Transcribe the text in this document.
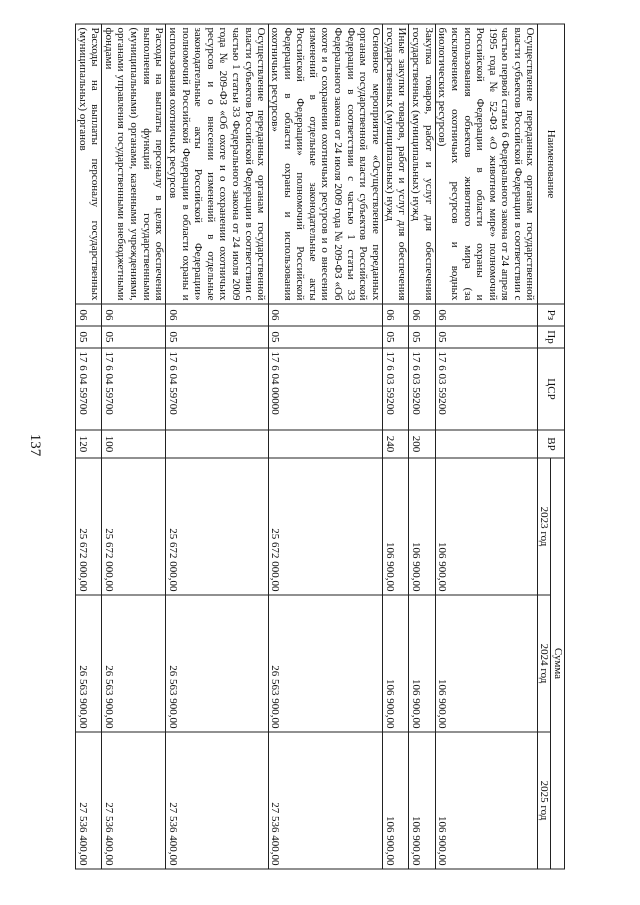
137
Наименование	Рз	Пр	ЦСР	ВР	Сумма		
					2023 год	2024 год	2025 год
Осуществление переданных органам государственной власти субъектов Российской Федерации в соответствии с частью первой статьи 6 Федерального закона от 24 апреля 1995 года № 52-ФЗ «О животном мире» полномочий Российской Федерации в области охраны и использования объектов животного мира (за исключением охотничьих ресурсов и водных биологических ресурсов)	06	05	17 6 03 59200		106 900,00	106 900,00	106 900,00
Закупка товаров, работ и услуг для обеспечения государственных (муниципальных) нужд	06	05	17 6 03 59200	200	106 900,00	106 900,00	106 900,00
Иные закупки товаров, работ и услуг для обеспечения государственных (муниципальных) нужд	06	05	17 6 03 59200	240	106 900,00	106 900,00	106 900,00
Основное мероприятие «Осуществление переданных органам государственной власти субъектов Российской Федерации в соответствии с частью 1 статьи 33 Федерального закона от 24 июля 2009 года № 209-ФЗ «Об охоте и о сохранении охотничьих ресурсов и о внесении изменений в отдельные законодательные акты Российской Федерации» полномочий Российской Федерации в области охраны и использования охотничьих ресурсов»	06	05	17 6 04 00000		25 672 000,00	26 563 900,00	27 536 400,00
Осуществление переданных органам государственной власти субъектов Российской Федерации в соответствии с частью 1 статьи 33 Федерального закона от 24 июля 2009 года № 209-ФЗ «Об охоте и о сохранении охотничьих ресурсов и о внесении изменений в отдельные законодательные акты Российской Федерации» полномочий Российской Федерации в области охраны и использования охотничьих ресурсов	06	05	17 6 04 59700		25 672 000,00	26 563 900,00	27 536 400,00
Расходы на выплаты персоналу в целях обеспечения выполнения функций государственными (муниципальными) органами, казенными учреждениями, органами управления государственными внебюджетными фондами	06	05	17 6 04 59700	100	25 672 000,00	26 563 900,00	27 536 400,00
Расходы на выплаты персоналу государственных (муниципальных) органов	06	05	17 6 04 59700	120	25 672 000,00	26 563 900,00	27 536 400,00
